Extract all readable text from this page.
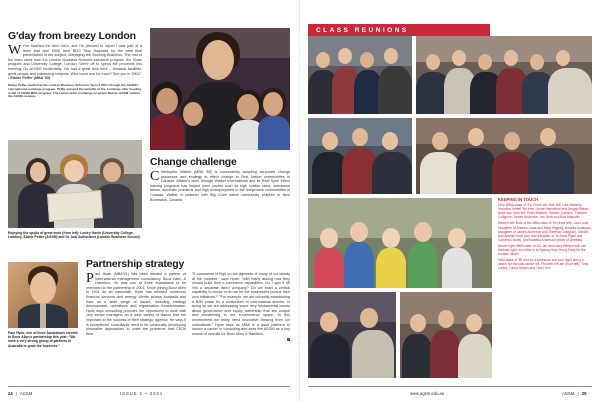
G'day from breezy London

W e've finished the term here, and I'm pleased to report I was part of a team that won £500 from BDO Stoy Hayward for the best final presentation in the subject, Managing the Growing Business. The rest of the team came from the London Business School's executive program, the Sloan program and University College, London. We're off to spend the proceeds this evening. Go AGSM! Incidentally, I've had a great time here – fantastic facilities, great people and interesting subjects. Who could ask for more? See you in 2002." • Elaine Peffer (MBA '00)

Elaine Peffer studied at the London Business School in Term 3 2001 through the AGSM's international exchange program. Peffer enjoyed the benefits of the exchange offer heading in fall of AGSM MBA program. The Leaver-learn exchange program! Below: AGSM student the AGSM campus.

Enjoying the spoils of great work (from left): Lesley Gavin (University College, London), Elaine Potter (AGSM) and Dr Judi Sutherland (London Business School).

Change challenge

C hristopher Walker (MBA '88) is successfully adapting corporate change processes and strategy to effect change in First Nation communities in Canada. Walker's work through Walker International and its Real Spirit Effect training programs has helped more youths such as high suicide rates, substance abuse, domestic problems and high unemployment in the Indigenous communities of Canada. Walker is pictured with Big Cove native community children in New Brunswick, Canada.

Partnership strategy

Paul Hyde, one of three Australians elected to Booz Allen's partnership this year: "We have a very strong group of partners in Australia to grow the business."

P aul Hyde (MBA'91) has been elected a partner of international management consultancy Booz Allen & Hamilton. He was one of three Australians to be promoted to the partnership in 2001. Since joining Booz Allen in 1991 as an associate, Hyde has advised numerous financial services and energy clients across Australia and Asia on a wide range of issues, including strategy development, operations and organisation transformation. Hyde says consulting provides the opportunity to work with very senior managers on a wide variety of issues that are important to the success of their strategic agenda. He says it is exceptional, consultants need to be continually developing innovative approaches to solve the problems that CEOs face.

"E-commerce is high on the agendas of many of our clients at the moment," says Hyde, "with many asking how they should build their e-commerce capabilities. Do I spin it off into a separate listed company? Do we build a central capability in-house or do we let the businesses pursue their own initiatives?" "For example, we are currently establishing a B2B portal for a consortium of international airlines. In doing so we are addressing some very fundamental issues about governance and equity ownership that are unique and threatening in the e-commerce space. In this environment we really need innovative thinking from our consultants." Hyde says an MBA is a good platform to launch a career in consulting and sees the AGSM as a key source of recruits for Booz Allen & Hamilton.

24 | AGSM	ISSUE 1 • 2001
CLASS REUNIONS

KEEPING IN TOUCH

Chip (MBA class of '91) Front row, from left: Lisa Maloney, Veronika Verteil, Ru Kee, Lynne Hannaford and Amgad Batrax. Back row, from left: Peter Wallace, Rowan Johnsen, Theresa Collignon, James Anderson, Ian Scott and Bob Malcolm.

Warren left: Kids of the MBA class of '90 (from left), Liza Lowe (daughter of Andrew Lowe and Mike Higgott), Amrelia Anderson (daughter of James Anderson and Theresa Collignon), Declan and Amelia Scott (son and daughter of Jo-Anne Ryan and Cameron Scott), and Isabella Anderson (sister of Amrelia).

Above right: MBA class of '83, Ian and Kerry Ballard with Ian Michael right, who flew in to Sydney from Hong Kong for the reunion dinner.

MBA class of '90 met for a barbecue and tour night along a dinner for the kids above left. Pictured left are (from left): Tony Cairns, David Stokes and Tecki Teo.

www.agsm.edu.au	AGSM | 25
